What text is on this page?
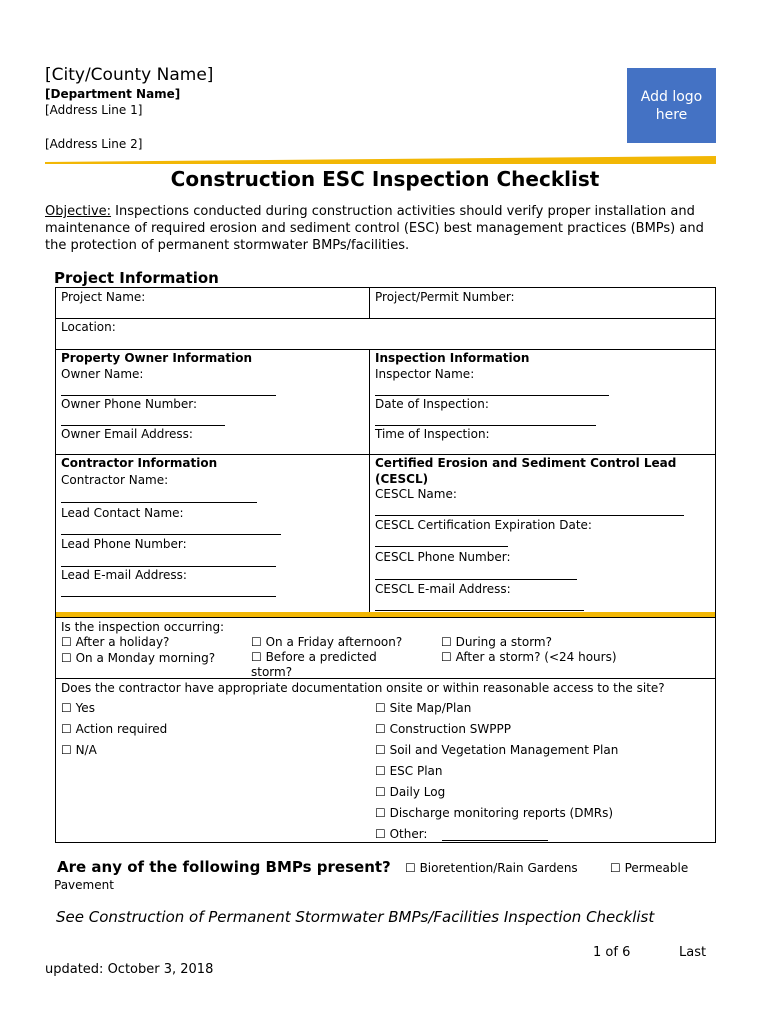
[City/County Name]
[Department Name]
[Address Line 1]
[Address Line 2]
Add logo here
Construction ESC Inspection Checklist
Objective: Inspections conducted during construction activities should verify proper installation and maintenance of required erosion and sediment control (ESC) best management practices (BMPs) and the protection of permanent stormwater BMPs/facilities.
Project Information
Project Name:	Project/Permit Number:
Location:
Property Owner Information
Owner Name:
Owner Phone Number:
Owner Email Address:
Inspection Information
Inspector Name:
Date of Inspection:
Time of Inspection:
Contractor Information
Contractor Name:
Lead Contact Name:
Lead Phone Number:
Lead E-mail Address:
Certified Erosion and Sediment Control Lead
(CESCL)
CESCL Name:
CESCL Certification Expiration Date:
CESCL Phone Number:
CESCL E-mail Address:
Is the inspection occurring:
☐ After a holiday?
☐ On a Monday morning?
☐ On a Friday afternoon?
☐ Before a predicted
storm?
☐ During a storm?
☐ After a storm? (<24 hours)
Does the contractor have appropriate documentation onsite or within reasonable access to the site?
☐ Yes
☐ Action required
☐ N/A
☐ Site Map/Plan
☐ Construction SWPPP
☐ Soil and Vegetation Management Plan
☐ ESC Plan
☐ Daily Log
☐ Discharge monitoring reports (DMRs)
☐ Other:
Are any of the following BMPs present? ☐ Bioretention/Rain Gardens	☐ Permeable
Pavement
See Construction of Permanent Stormwater BMPs/Facilities Inspection Checklist
1 of 6	Last
updated: October 3, 2018
